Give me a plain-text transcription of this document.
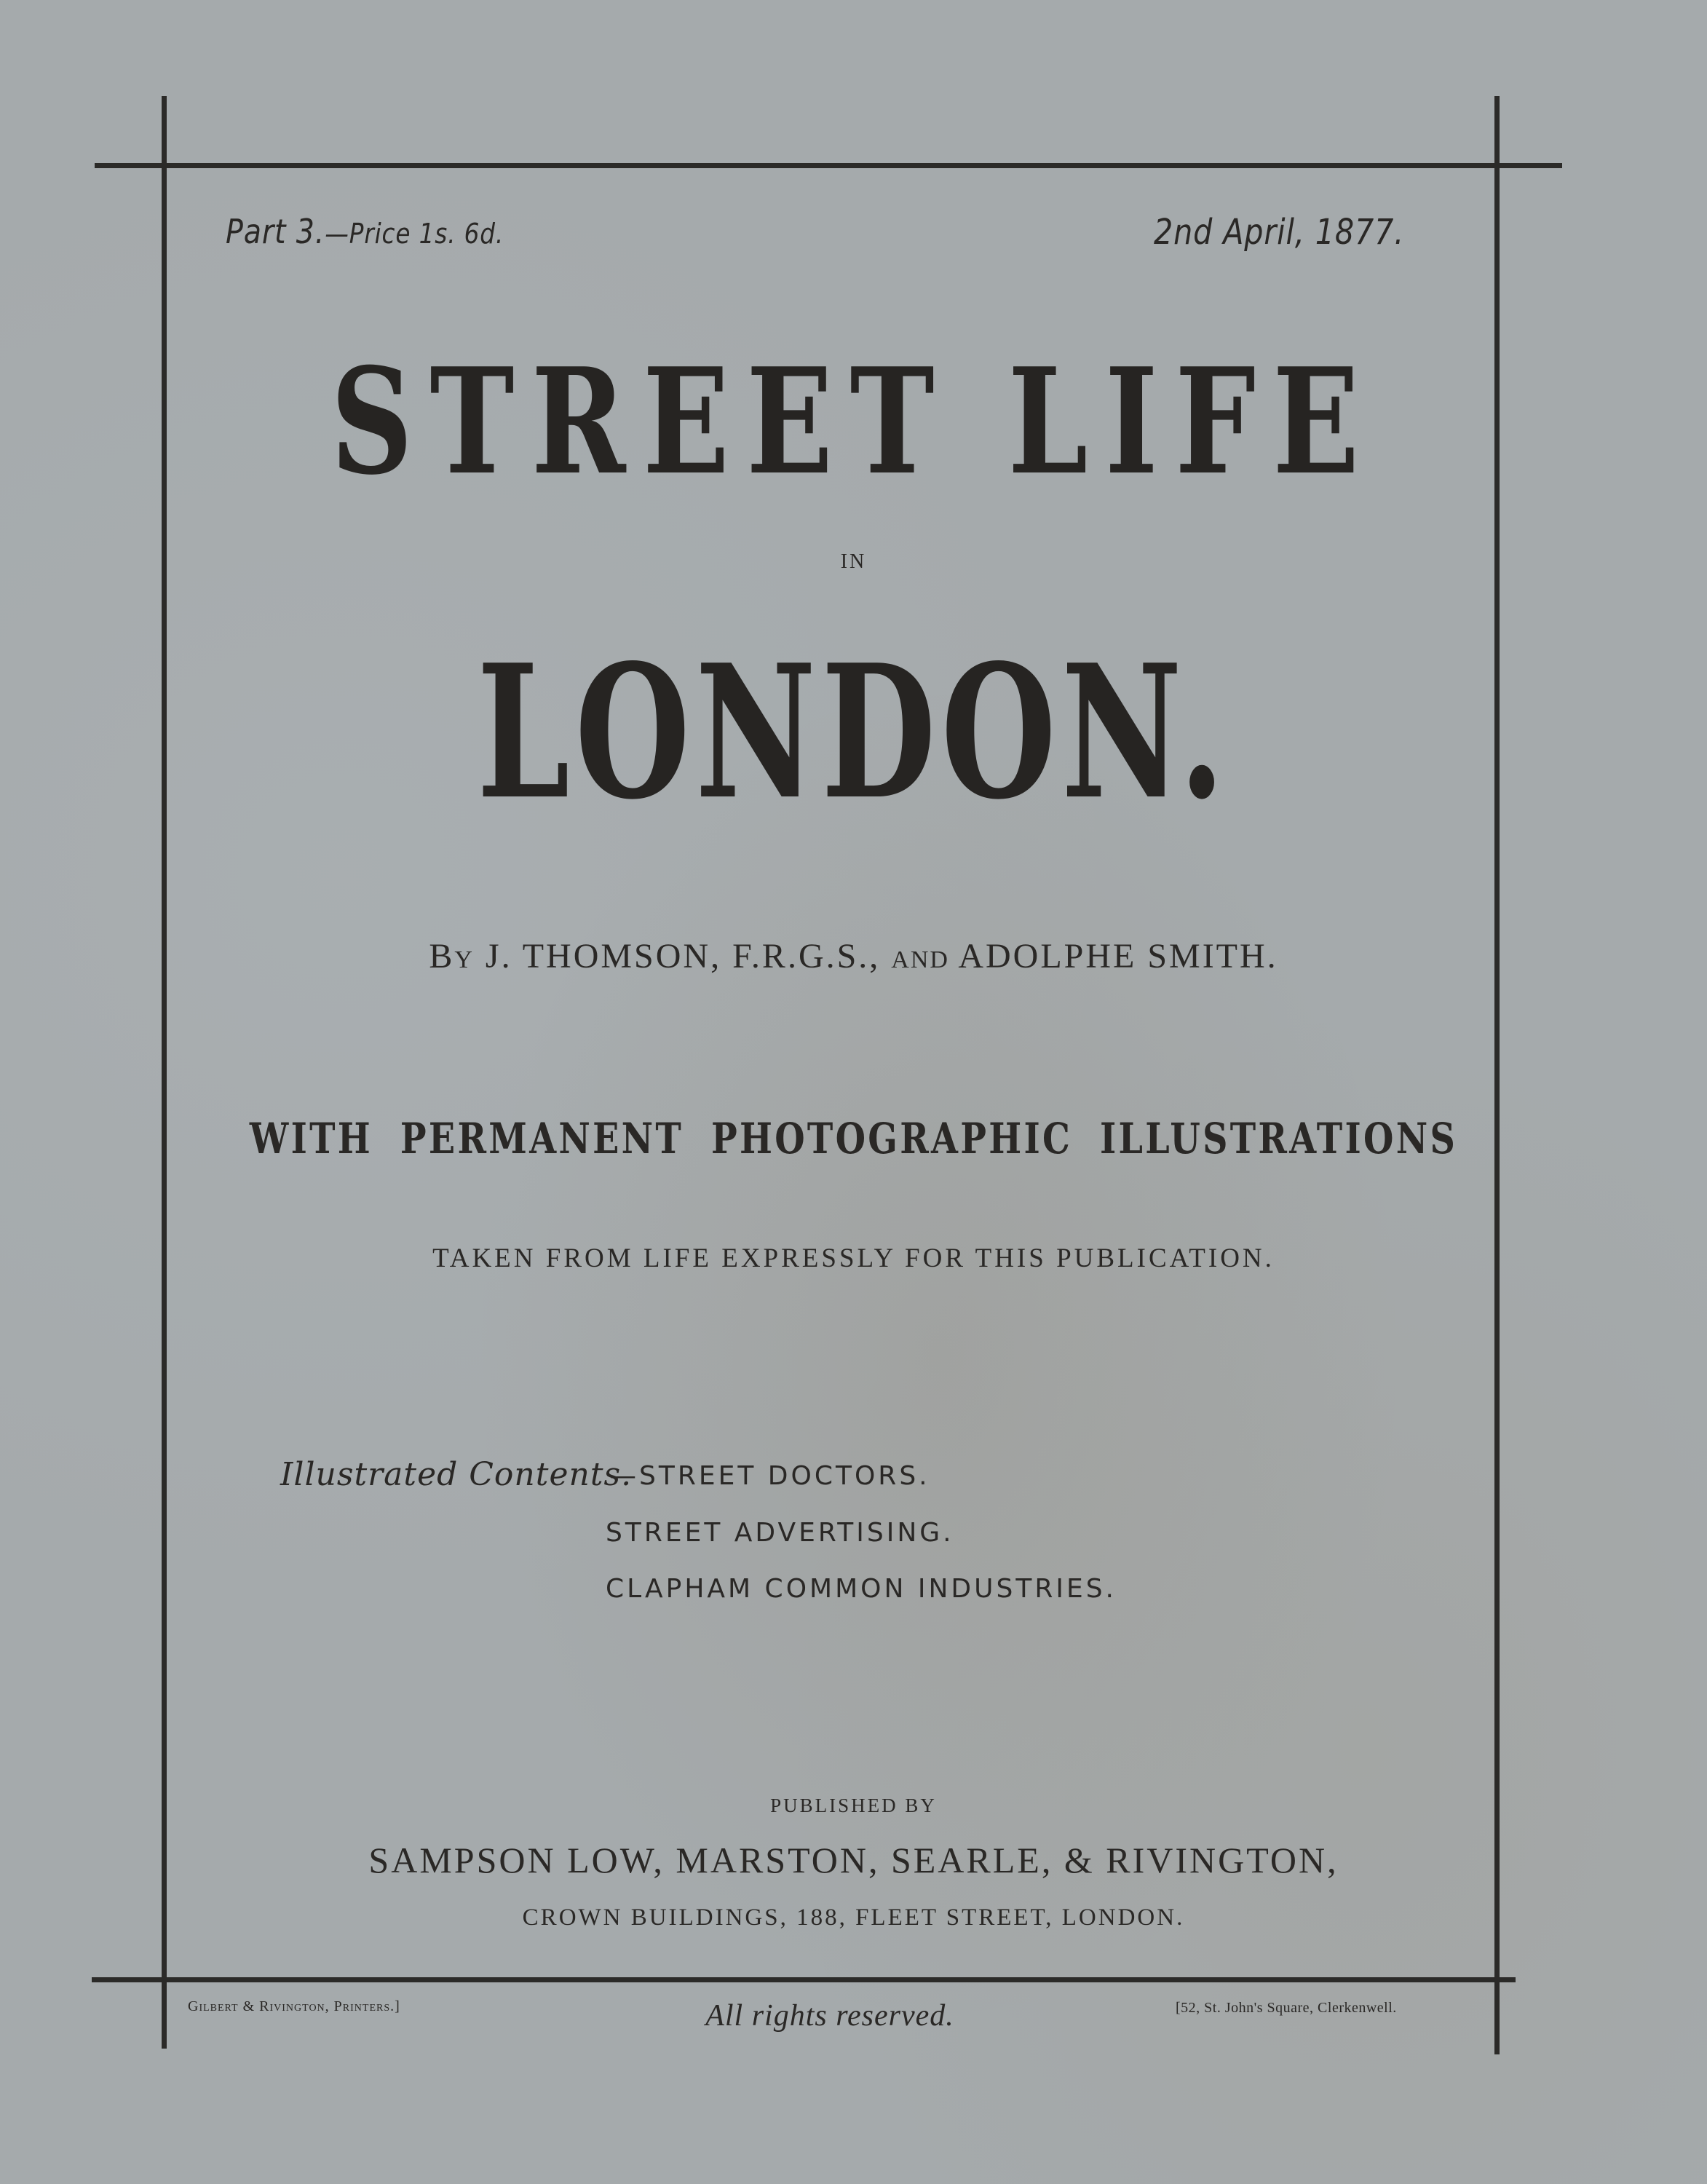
Part 3.—Price 1s. 6d.	2nd April, 1877.

STREET LIFE

IN

LONDON.

By J. THOMSON, F.R.G.S., AND ADOLPHE SMITH.

WITH PERMANENT PHOTOGRAPHIC ILLUSTRATIONS

TAKEN FROM LIFE EXPRESSLY FOR THIS PUBLICATION.

Illustrated Contents.

—STREET DOCTORS.

STREET ADVERTISING.

CLAPHAM COMMON INDUSTRIES.

PUBLISHED BY

SAMPSON LOW, MARSTON, SEARLE, & RIVINGTON,

CROWN BUILDINGS, 188, FLEET STREET, LONDON.

Gilbert & Rivington, Printers.]	All rights reserved.	[52, St. John's Square, Clerkenwell.
